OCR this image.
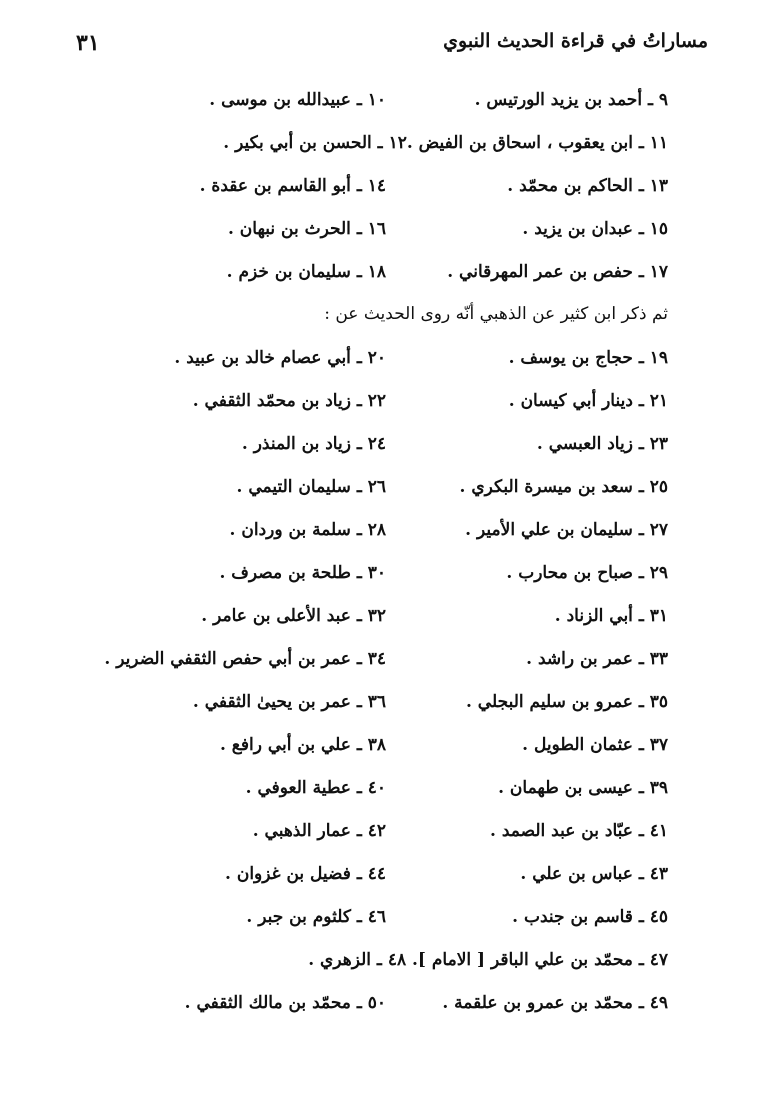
مساراتُ في قراءة الحديث النبوي
٣١
٩ ـ أحمد بن يزيد الورتيس .
١٠ ـ عبيدالله بن موسى .
١١ ـ ابن يعقوب ، اسحاق بن الفيض .١٢ ـ الحسن بن أبي بكير .
١٣ ـ الحاكم بن محمّد .
١٤ ـ أبو القاسم بن عقدة .
١٥ ـ عبدان بن يزيد .
١٦ ـ الحرث بن نبهان .
١٧ ـ حفص بن عمر المهرقاني .
١٨ ـ سليمان بن خزم .
ثم ذكر ابن كثير عن الذهبي أنّه روى الحديث عن :
١٩ ـ حجاج بن يوسف .
٢٠ ـ أبي عصام خالد بن عبيد .
٢١ ـ دينار أبي كيسان .
٢٢ ـ زياد بن محمّد الثقفي .
٢٣ ـ زياد العبسي .
٢٤ ـ زياد بن المنذر .
٢٥ ـ سعد بن ميسرة البكري .
٢٦ ـ سليمان التيمي .
٢٧ ـ سليمان بن علي الأمير .
٢٨ ـ سلمة بن وردان .
٢٩ ـ صباح بن محارب .
٣٠ ـ طلحة بن مصرف .
٣١ ـ أبي الزناد .
٣٢ ـ عبد الأعلى بن عامر .
٣٣ ـ عمر بن راشد .
٣٤ ـ عمر بن أبي حفص الثقفي الضرير .
٣٥ ـ عمرو بن سليم البجلي .
٣٦ ـ عمر بن يحيىٰ الثقفي .
٣٧ ـ عثمان الطويل .
٣٨ ـ علي بن أبي رافع .
٣٩ ـ عيسى بن طهمان .
٤٠ ـ عطية العوفي .
٤١ ـ عبّاد بن عبد الصمد .
٤٢ ـ عمار الذهبي .
٤٣ ـ عباس بن علي .
٤٤ ـ فضيل بن غزوان .
٤٥ ـ قاسم بن جندب .
٤٦ ـ كلثوم بن جبر .
٤٧ ـ محمّد بن علي الباقر [ الامام ]. ٤٨ ـ الزهري .
٤٩ ـ محمّد بن عمرو بن علقمة .
٥٠ ـ محمّد بن مالك الثقفي .
